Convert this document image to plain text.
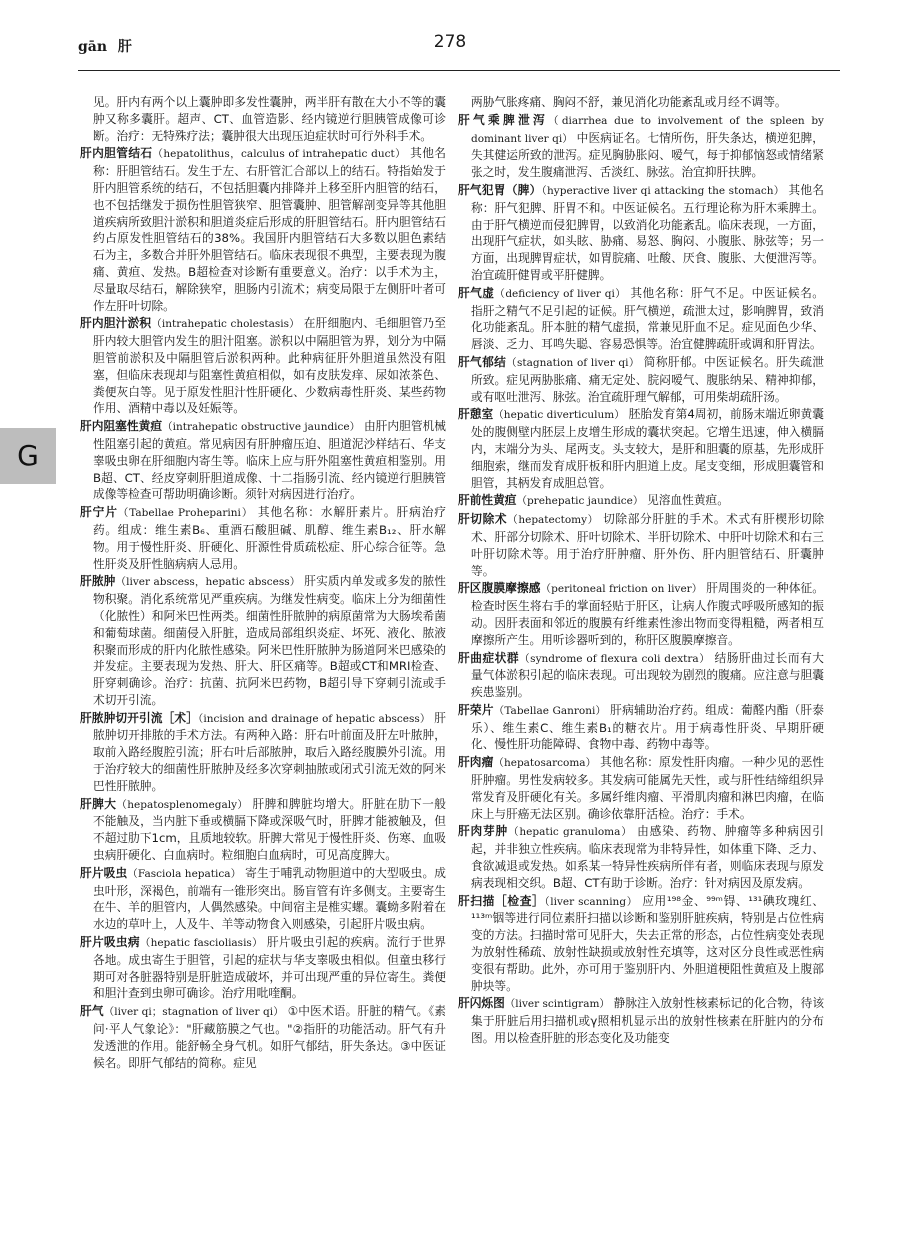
gān 肝	278
G
见。肝内有两个以上囊肿即多发性囊肿，两半肝有散在大小不等的囊肿又称多囊肝。超声、CT、血管造影、经内镜逆行胆胰管成像可诊断。治疗：无特殊疗法；囊肿很大出现压迫症状时可行外科手术。
肝内胆管结石（hepatolithus，calculus of intrahepatic duct） 其他名称：肝胆管结石。发生于左、右肝管汇合部以上的结石。特指始发于肝内胆管系统的结石，不包括胆囊内排降并上移至肝内胆管的结石，也不包括继发于损伤性胆管狭窄、胆管囊肿、胆管解剖变异等其他胆道疾病所致胆汁淤积和胆道炎症后形成的肝胆管结石。肝内胆管结石约占原发性胆管结石的38%。我国肝内胆管结石大多数以胆色素结石为主，多数合并肝外胆管结石。临床表现很不典型，主要表现为腹痛、黄疸、发热。B超检查对诊断有重要意义。治疗：以手术为主，尽量取尽结石，解除狭窄，胆肠内引流术；病变局限于左侧肝叶者可作左肝叶切除。
肝内胆汁淤积（intrahepatic cholestasis） 在肝细胞内、毛细胆管乃至肝内较大胆管内发生的胆汁阻塞。淤积以中隔胆管为界，划分为中隔胆管前淤积及中隔胆管后淤积两种。此种病征肝外胆道虽然没有阻塞，但临床表现却与阻塞性黄疸相似，如有皮肤发痒、尿如浓茶色、粪便灰白等。见于原发性胆汁性肝硬化、少数病毒性肝炎、某些药物作用、酒精中毒以及妊娠等。
肝内阻塞性黄疸（intrahepatic obstructive jaundice） 由肝内胆管机械性阻塞引起的黄疸。常见病因有肝肿瘤压迫、胆道泥沙样结石、华支睾吸虫卵在肝细胞内寄生等。临床上应与肝外阻塞性黄疸相鉴别。用B超、CT、经皮穿刺肝胆道成像、十二指肠引流、经内镜逆行胆胰管成像等检查可帮助明确诊断。须针对病因进行治疗。
肝宁片（Tabellae Proheparini） 其他名称：水解肝素片。肝病治疗药。组成：维生素B₆、重酒石酸胆碱、肌醇、维生素B₁₂、肝水解物。用于慢性肝炎、肝硬化、肝源性骨质疏松症、肝心综合征等。急性肝炎及肝性脑病病人忌用。
肝脓肿（liver abscess，hepatic abscess） 肝实质内单发或多发的脓性物积聚。消化系统常见严重疾病。为继发性病变。临床上分为细菌性（化脓性）和阿米巴性两类。细菌性肝脓肿的病原菌常为大肠埃希菌和葡萄球菌。细菌侵入肝脏，造成局部组织炎症、坏死、液化、脓液积聚而形成的肝内化脓性感染。阿米巴性肝脓肿为肠道阿米巴感染的并发症。主要表现为发热、肝大、肝区痛等。B超或CT和MRI检查、肝穿刺确诊。治疗：抗菌、抗阿米巴药物，B超引导下穿刺引流或手术切开引流。
肝脓肿切开引流［术］（incision and drainage of hepatic abscess） 肝脓肿切开排脓的手术方法。有两种入路：肝右叶前面及肝左叶脓肿，取前入路经腹腔引流；肝右叶后部脓肿，取后入路经腹膜外引流。用于治疗较大的细菌性肝脓肿及经多次穿刺抽脓或闭式引流无效的阿米巴性肝脓肿。
肝脾大（hepatosplenomegaly） 肝脾和脾脏均增大。肝脏在肋下一般不能触及，当内脏下垂或横膈下降或深吸气时，肝脾才能被触及，但不超过肋下1cm，且质地较软。肝脾大常见于慢性肝炎、伤寒、血吸虫病肝硬化、白血病时。粒细胞白血病时，可见高度脾大。
肝片吸虫（Fasciola hepatica） 寄生于哺乳动物胆道中的大型吸虫。成虫叶形，深褐色，前端有一锥形突出。肠盲管有许多侧支。主要寄生在牛、羊的胆管内，人偶然感染。中间宿主是椎实螺。囊蚴多附着在水边的草叶上，人及牛、羊等动物食入则感染，引起肝片吸虫病。
肝片吸虫病（hepatic fascioliasis） 肝片吸虫引起的疾病。流行于世界各地。成虫寄生于胆管，引起的症状与华支睾吸虫相似。但童虫移行期可对各脏器特别是肝脏造成破坏，并可出现严重的异位寄生。粪便和胆汁查到虫卵可确诊。治疗用吡喹酮。
肝气（liver qi；stagnation of liver qi） ①中医术语。肝脏的精气。《素问·平人气象论》："肝藏筋膜之气也。"②指肝的功能活动。肝气有升发透泄的作用。能舒畅全身气机。如肝气郁结，肝失条达。③中医证候名。即肝气郁结的简称。症见
两胁气胀疼痛、胸闷不舒，兼见消化功能紊乱或月经不调等。
肝气乘脾泄泻（diarrhea due to involvement of the spleen by dominant liver qi） 中医病证名。七情所伤，肝失条达，横逆犯脾，失其健运所致的泄泻。症见胸胁胀闷、嗳气，每于抑郁恼怒或情绪紧张之时，发生腹痛泄泻、舌淡红、脉弦。治宜抑肝扶脾。
肝气犯胃（脾）（hyperactive liver qi attacking the stomach） 其他名称：肝气犯脾、肝胃不和。中医证候名。五行理论称为肝木乘脾土。由于肝气横逆而侵犯脾胃，以致消化功能紊乱。临床表现，一方面，出现肝气症状，如头眩、胁痛、易怒、胸闷、小腹胀、脉弦等；另一方面，出现脾胃症状，如胃脘痛、吐酸、厌食、腹胀、大便泄泻等。治宜疏肝健胃或平肝健脾。
肝气虚（deficiency of liver qi） 其他名称：肝气不足。中医证候名。指肝之精气不足引起的证候。肝气横逆，疏泄太过，影响脾胃，致消化功能紊乱。肝本脏的精气虚损，常兼见肝血不足。症见面色少华、唇淡、乏力、耳鸣失聪、容易恐惧等。治宜健脾疏肝或调和肝胃法。
肝气郁结（stagnation of liver qi） 简称肝郁。中医证候名。肝失疏泄所致。症见两胁胀痛、痛无定处、脘闷嗳气、腹胀纳呆、精神抑郁，或有呕吐泄泻、脉弦。治宜疏肝理气解郁，可用柴胡疏肝汤。
肝憩室（hepatic diverticulum） 胚胎发育第4周初，前肠末端近卵黄囊处的腹侧壁内胚层上皮增生形成的囊状突起。它增生迅速，伸入横膈内，末端分为头、尾两支。头支较大，是肝和胆囊的原基，先形成肝细胞索，继而发育成肝板和肝内胆道上皮。尾支变细，形成胆囊管和胆管，其柄发育成胆总管。
肝前性黄疸（prehepatic jaundice） 见溶血性黄疸。
肝切除术（hepatectomy） 切除部分肝脏的手术。术式有肝楔形切除术、肝部分切除术、肝叶切除术、半肝切除术、中肝叶切除术和右三叶肝切除术等。用于治疗肝肿瘤、肝外伤、肝内胆管结石、肝囊肿等。
肝区腹膜摩擦感（peritoneal friction on liver） 肝周围炎的一种体征。检查时医生将右手的掌面轻贴于肝区，让病人作腹式呼吸所感知的振动。因肝表面和邻近的腹膜有纤维素性渗出物而变得粗糙，两者相互摩擦所产生。用听诊器听到的，称肝区腹膜摩擦音。
肝曲症状群（syndrome of flexura coli dextra） 结肠肝曲过长而有大量气体淤积引起的临床表现。可出现较为剧烈的腹痛。应注意与胆囊疾患鉴别。
肝荣片（Tabellae Ganroni） 肝病辅助治疗药。组成：葡醛内酯（肝泰乐）、维生素C、维生素B₁的糖衣片。用于病毒性肝炎、早期肝硬化、慢性肝功能障碍、食物中毒、药物中毒等。
肝肉瘤（hepatosarcoma） 其他名称：原发性肝肉瘤。一种少见的恶性肝肿瘤。男性发病较多。其发病可能属先天性，或与肝性结缔组织异常发育及肝硬化有关。多属纤维肉瘤、平滑肌肉瘤和淋巴肉瘤，在临床上与肝癌无法区别。确诊依靠肝活检。治疗：手术。
肝肉芽肿（hepatic granuloma） 由感染、药物、肿瘤等多种病因引起，并非独立性疾病。临床表现常为非特异性，如体重下降、乏力、食欲减退或发热。如系某一特异性疾病所伴有者，则临床表现与原发病表现相交织。B超、CT有助于诊断。治疗：针对病因及原发病。
肝扫描［检查］（liver scanning） 应用¹⁹⁸金、⁹⁹ᵐ锝、¹³¹碘玫瑰红、¹¹³ᵐ铟等进行同位素肝扫描以诊断和鉴别肝脏疾病，特别是占位性病变的方法。扫描时常可见肝大，失去正常的形态，占位性病变处表现为放射性稀疏、放射性缺损或放射性充填等，这对区分良性或恶性病变很有帮助。此外，亦可用于鉴别肝内、外胆道梗阻性黄疸及上腹部肿块等。
肝闪烁图（liver scintigram） 静脉注入放射性核素标记的化合物，待该集于肝脏后用扫描机或γ照相机显示出的放射性核素在肝脏内的分布图。用以检查肝脏的形态变化及功能变
